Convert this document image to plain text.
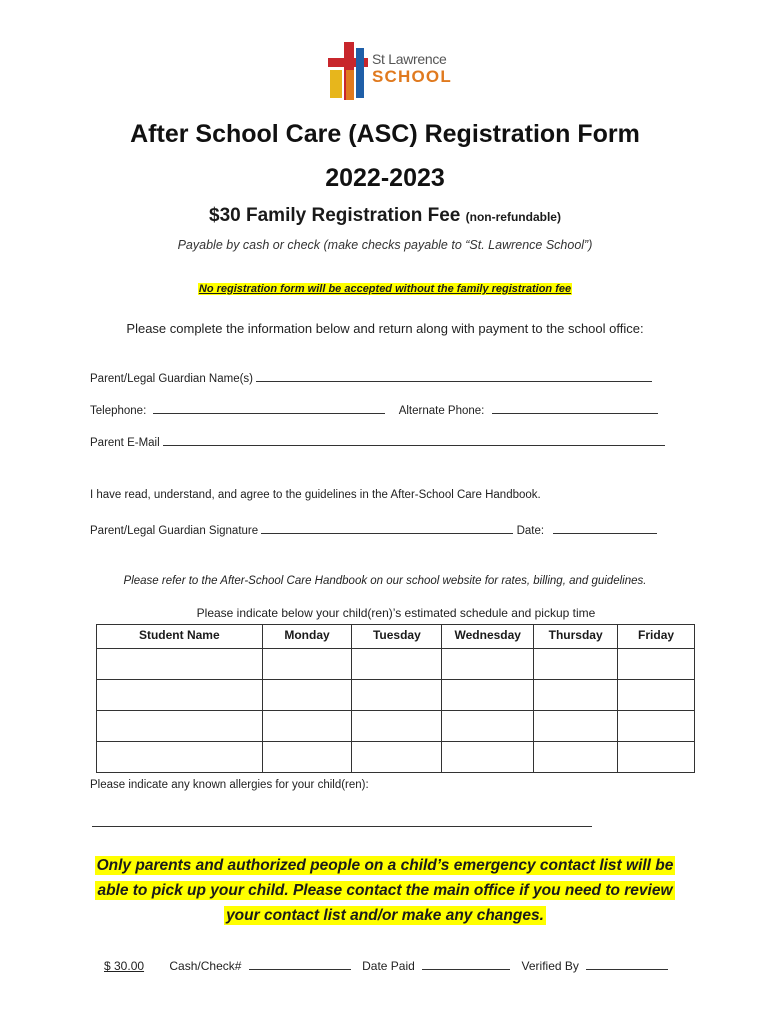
St Lawrence
SCHOOL
After School Care (ASC) Registration Form
2022-2023
$30 Family Registration Fee (non-refundable)
Payable by cash or check (make checks payable to “St. Lawrence School”)
No registration form will be accepted without the family registration fee
Please complete the information below and return along with payment to the school office:
Parent/Legal Guardian Name(s)
Telephone:	Alternate Phone:
Parent E-Mail
I have read, understand, and agree to the guidelines in the After-School Care Handbook.
Parent/Legal Guardian Signature	Date:
Please refer to the After-School Care Handbook on our school website for rates, billing, and guidelines.
Please indicate below your child(ren)’s estimated schedule and pickup time
Student Name	Monday	Tuesday	Wednesday	Thursday	Friday

Please indicate any known allergies for your child(ren):
Only parents and authorized people on a child’s emergency contact list will be
able to pick up your child. Please contact the main office if you need to review
your contact list and/or make any changes.
$ 30.00 Cash/Check#	Date Paid	Verified By
